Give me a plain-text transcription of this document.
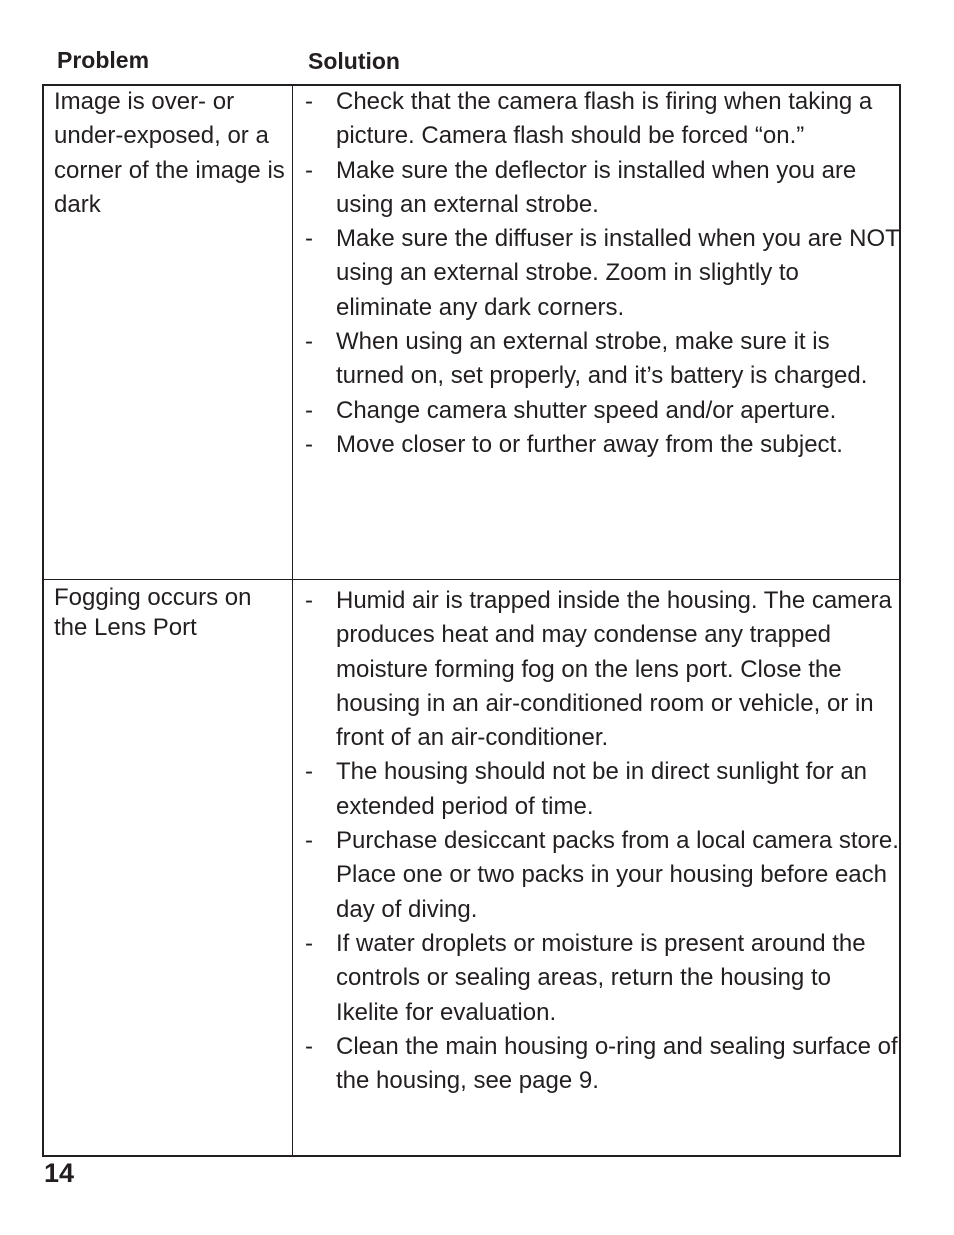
Problem	Solution
Image is over- or under-exposed, or a corner of the image is dark
- Check that the camera flash is firing when taking a picture. Camera flash should be forced “on.”
- Make sure the deflector is installed when you are using an external strobe.
- Make sure the diffuser is installed when you are NOT using an external strobe. Zoom in slightly to eliminate any dark corners.
- When using an external strobe, make sure it is turned on, set properly, and it’s battery is charged.
- Change camera shutter speed and/or aperture.
- Move closer to or further away from the subject.
Fogging occurs on the Lens Port
- Humid air is trapped inside the housing. The camera produces heat and may condense any trapped moisture forming fog on the lens port. Close the housing in an air-conditioned room or vehicle, or in front of an air-conditioner.
- The housing should not be in direct sunlight for an extended period of time.
- Purchase desiccant packs from a local camera store. Place one or two packs in your housing before each day of diving.
- If water droplets or moisture is present around the controls or sealing areas, return the housing to Ikelite for evaluation.
- Clean the main housing o-ring and sealing surface of the housing, see page 9.
14
